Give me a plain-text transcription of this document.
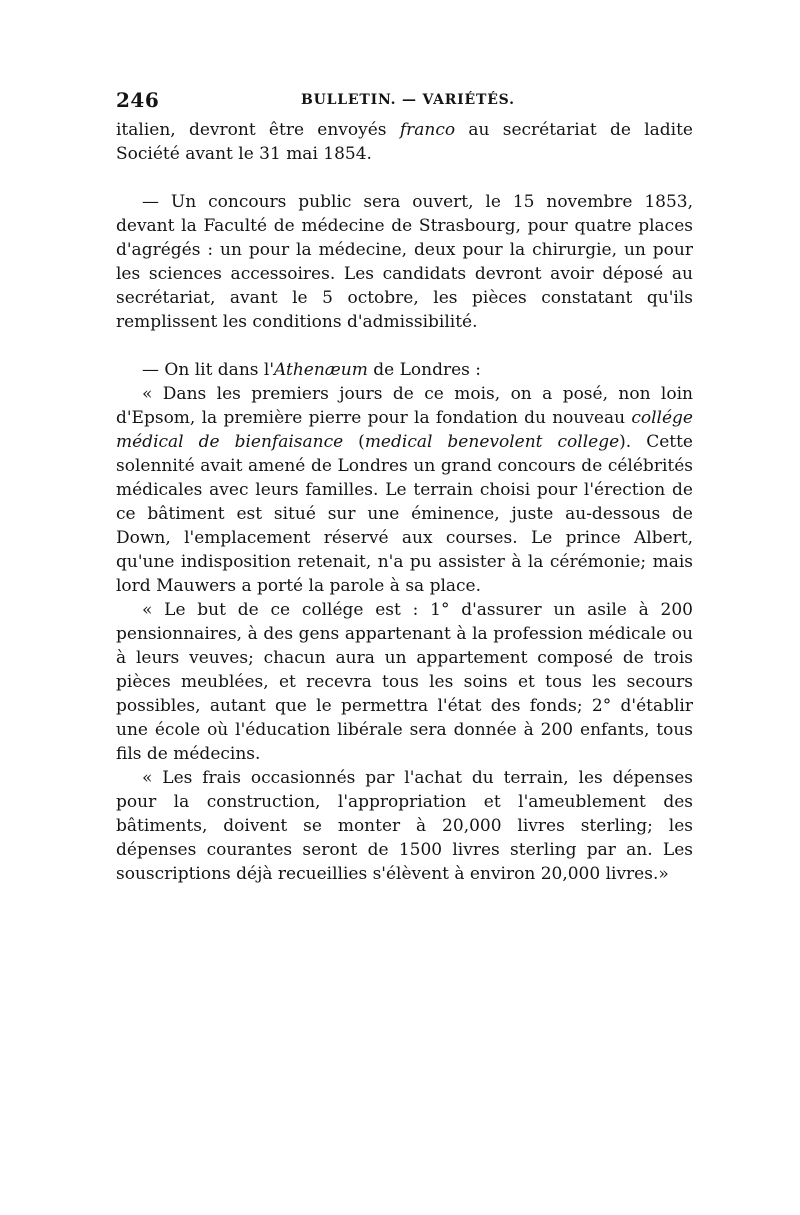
246	BULLETIN. — VARIÉTÉS.

italien, devront être envoyés franco au secrétariat de ladite Société avant le 31 mai 1854.

— Un concours public sera ouvert, le 15 novembre 1853, devant la Faculté de médecine de Strasbourg, pour quatre places d'agrégés : un pour la médecine, deux pour la chirurgie, un pour les sciences accessoires. Les candidats devront avoir déposé au secrétariat, avant le 5 octobre, les pièces constatant qu'ils remplissent les conditions d'admissibilité.

— On lit dans l'Athenæum de Londres :

« Dans les premiers jours de ce mois, on a posé, non loin d'Epsom, la première pierre pour la fondation du nouveau collége médical de bienfaisance (medical benevolent college). Cette solennité avait amené de Londres un grand concours de célébrités médicales avec leurs familles. Le terrain choisi pour l'érection de ce bâtiment est situé sur une éminence, juste au-dessous de Down, l'emplacement réservé aux courses. Le prince Albert, qu'une indisposition retenait, n'a pu assister à la cérémonie; mais lord Mauwers a porté la parole à sa place.

« Le but de ce collége est : 1° d'assurer un asile à 200 pensionnaires, à des gens appartenant à la profession médicale ou à leurs veuves; chacun aura un appartement composé de trois pièces meublées, et recevra tous les soins et tous les secours possibles, autant que le permettra l'état des fonds; 2° d'établir une école où l'éducation libérale sera donnée à 200 enfants, tous fils de médecins.

« Les frais occasionnés par l'achat du terrain, les dépenses pour la construction, l'appropriation et l'ameublement des bâtiments, doivent se monter à 20,000 livres sterling; les dépenses courantes seront de 1500 livres sterling par an. Les souscriptions déjà recueillies s'élèvent à environ 20,000 livres.»
